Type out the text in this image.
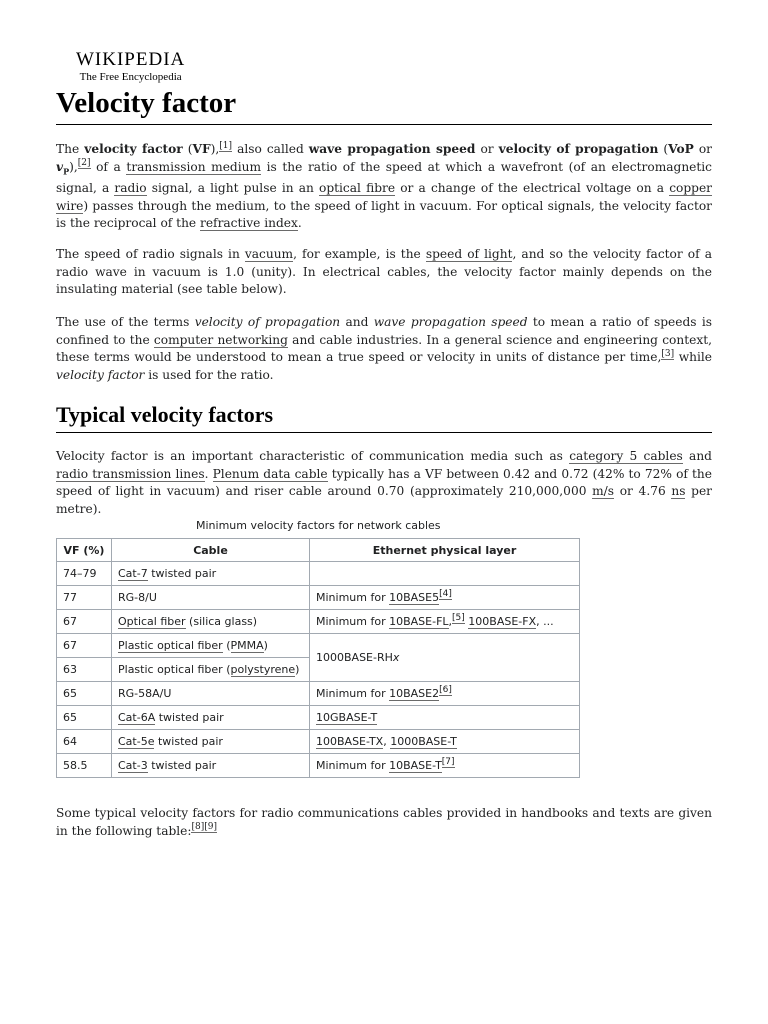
WIKIPEDIA
The Free Encyclopedia
Velocity factor

The velocity factor (VF),[1] also called wave propagation speed or velocity of propagation (VoP or $v_P),[2]$ of a transmission medium is the ratio of the speed at which a wavefront (of an electromagnetic signal, a radio signal, a light pulse in an optical fibre or a change of the electrical voltage on a copper wire) passes through the medium, to the speed of light in vacuum. For optical signals, the velocity factor is the reciprocal of the refractive index.

The speed of radio signals in vacuum, for example, is the speed of light, and so the velocity factor of a radio wave in vacuum is 1.0 (unity). In electrical cables, the velocity factor mainly depends on the insulating material (see table below).

The use of the terms velocity of propagation and wave propagation speed to mean a ratio of speeds is confined to the computer networking and cable industries. In a general science and engineering context, these terms would be understood to mean a true speed or velocity in units of distance per time,[3] while velocity factor is used for the ratio.

Typical velocity factors

Velocity factor is an important characteristic of communication media such as category 5 cables and radio transmission lines. Plenum data cable typically has a VF between 0.42 and 0.72 (42% to 72% of the speed of light in vacuum) and riser cable around 0.70 (approximately 210,000,000 m/s or 4.76 ns per metre).

Minimum velocity factors for network cables
VF (%)	Cable	Ethernet physical layer
74–79	Cat-7 twisted pair	
77	RG-8/U	Minimum for 10BASE5[4]
67	Optical fiber (silica glass)	Minimum for 10BASE-FL,[5] 100BASE-FX, ...
67	Plastic optical fiber (PMMA)	1000BASE-RHx
63	Plastic optical fiber (polystyrene)	
65	RG-58A/U	Minimum for 10BASE2[6]
65	Cat-6A twisted pair	10GBASE-T
64	Cat-5e twisted pair	100BASE-TX, 1000BASE-T
58.5	Cat-3 twisted pair	Minimum for 10BASE-T[7]

Some typical velocity factors for radio communications cables provided in handbooks and texts are given in the following table:[8][9]
